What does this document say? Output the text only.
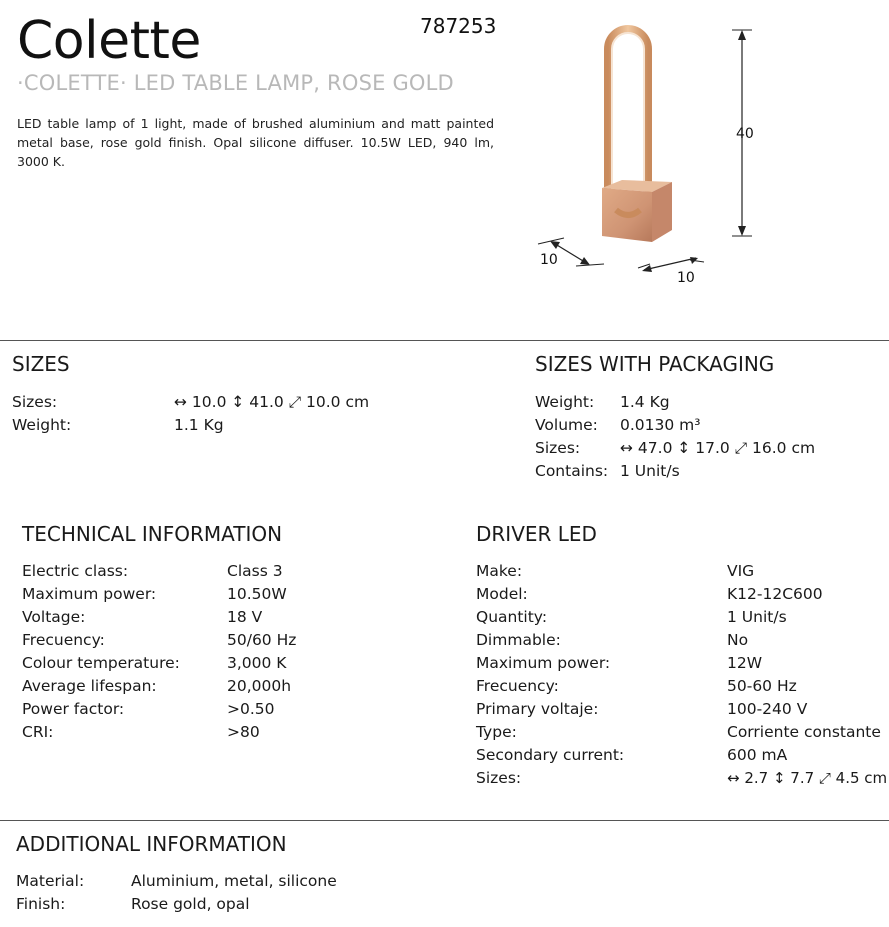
Colette	787253
·COLETTE· LED TABLE LAMP, ROSE GOLD
LED table lamp of 1 light, made of brushed aluminium and matt painted metal base, rose gold finish. Opal silicone diffuser. 10.5W LED, 940 lm, 3000 K.
40
10
10
SIZES
Sizes:	↔ 10.0 ↕ 41.0 ⤢ 10.0 cm
Weight:	1.1 Kg
SIZES WITH PACKAGING
Weight: 1.4 Kg
Volume: 0.0130 m³
Sizes:	↔ 47.0 ↕ 17.0 ⤢ 16.0 cm
Contains: 1 Unit/s
TECHNICAL INFORMATION
Electric class:	Class 3
Maximum power:	10.50W
Voltage:	18 V
Frecuency:	50/60 Hz
Colour temperature:	3,000 K
Average lifespan:	20,000h
Power factor:	>0.50
CRI:	>80
DRIVER LED
Make:	VIG
Model:	K12-12C600
Quantity:	1 Unit/s
Dimmable:	No
Maximum power:	12W
Frecuency:	50-60 Hz
Primary voltaje:	100-240 V
Type:	Corriente constante
Secondary current:	600 mA
Sizes:	↔ 2.7 ↕ 7.7 ⤢ 4.5 cm
ADDITIONAL INFORMATION
Material:	Aluminium, metal, silicone
Finish:	Rose gold, opal
